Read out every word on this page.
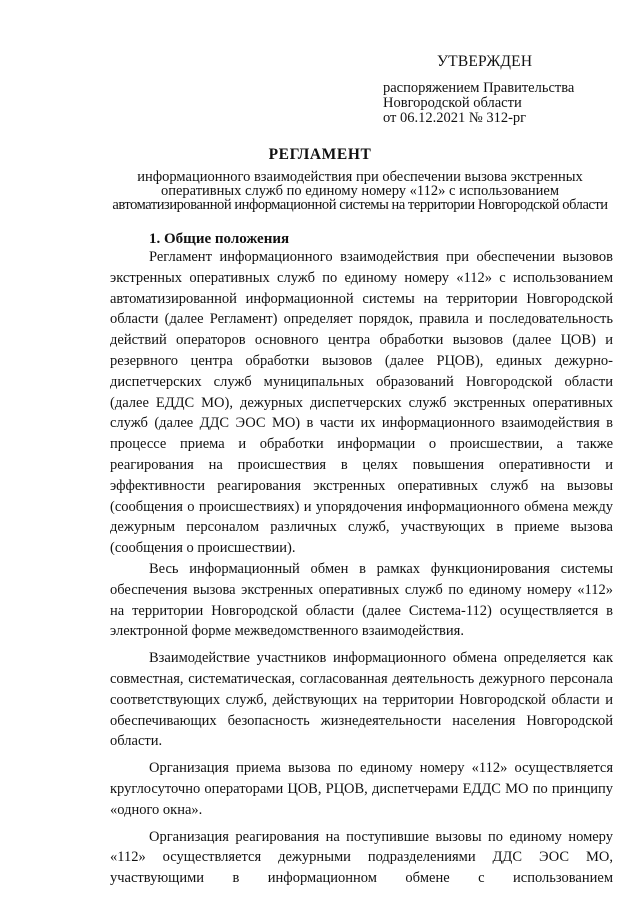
УТВЕРЖДЕН
распоряжением Правительства
Новгородской области
от 06.12.2021 № 312-рг
РЕГЛАМЕНТ
информационного взаимодействия при обеспечении вызова экстренных
оперативных служб по единому номеру «112» с использованием
автоматизированной информационной системы на территории Новгородской области
1. Общие положения

Регламент информационного взаимодействия при обеспечении вызовов экстренных оперативных служб по единому номеру «112» с использованием автоматизированной информационной системы на территории Новгородской области (далее Регламент) определяет порядок, правила и последовательность действий операторов основного центра обработки вызовов (далее ЦОВ) и резервного центра обработки вызовов (далее РЦОВ), единых дежурно-диспетчерских служб муниципальных образований Новгородской области (далее ЕДДС МО), дежурных диспетчерских служб экстренных оперативных служб (далее ДДС ЭОС МО) в части их информационного взаимодействия в процессе приема и обработки информации о происшествии, а также реагирования на происшествия в целях повышения оперативности и эффективности реагирования экстренных оперативных служб на вызовы (сообщения о происшествиях) и упорядочения информационного обмена между дежурным персоналом различных служб, участвующих в приеме вызова (сообщения о происшествии).

Весь информационный обмен в рамках функционирования системы обеспечения вызова экстренных оперативных служб по единому номеру «112» на территории Новгородской области (далее Система-112) осуществляется в электронной форме межведомственного взаимодействия.

Взаимодействие участников информационного обмена определяется как совместная, систематическая, согласованная деятельность дежурного персонала соответствующих служб, действующих на территории Новгородской области и обеспечивающих безопасность жизнедеятельности населения Новгородской области.

Организация приема вызова по единому номеру «112» осуществляется круглосуточно операторами ЦОВ, РЦОВ, диспетчерами ЕДДС МО по принципу «одного окна».

Организация реагирования на поступившие вызовы по единому номеру «112» осуществляется дежурными подразделениями ДДС ЭОС МО, участвующими в информационном обмене с использованием
